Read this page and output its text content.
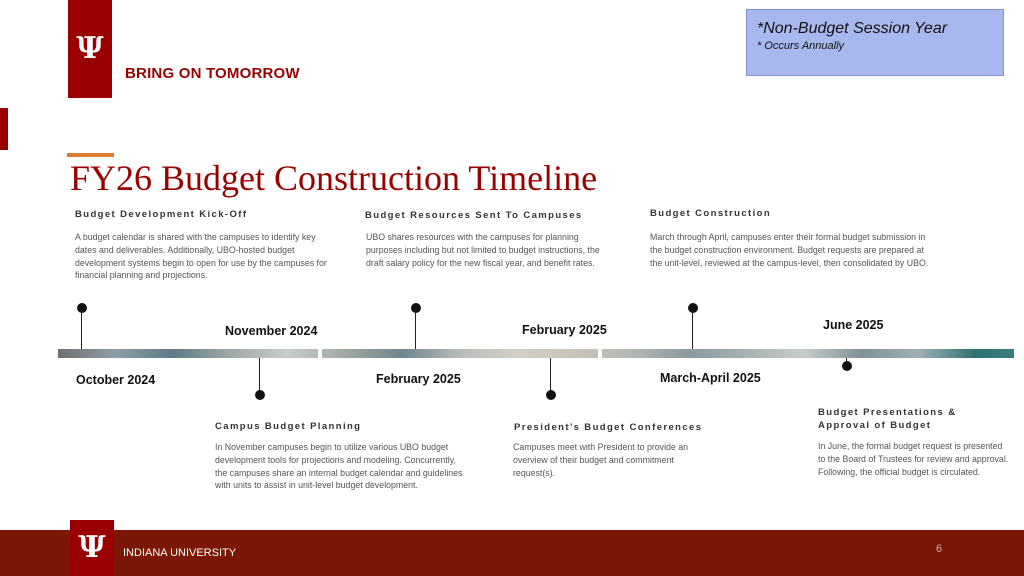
Ψ
BRING ON TOMORROW
*Non-Budget Session Year
* Occurs Annually
FY26 Budget Construction Timeline
Budget Development Kick-Off
A budget calendar is shared with the campuses to identify key dates and deliverables. Additionally, UBO-hosted budget development systems begin to open for use by the campuses for financial planning and projections.
Budget Resources Sent To Campuses
UBO shares resources with the campuses for planning purposes including but not limited to budget instructions, the draft salary policy for the new fiscal year, and benefit rates.
Budget Construction
March through April, campuses enter their formal budget submission in the budget construction environment. Budget requests are prepared at the unit-level, reviewed at the campus-level, then consolidated by UBO.
November 2024	February 2025	June 2025
October 2024	February 2025	March-April 2025
Campus Budget Planning
In November campuses begin to utilize various UBO budget development tools for projections and modeling. Concurrently, the campuses share an internal budget calendar and guidelines with units to assist in unit-level budget development.
President’s Budget Conferences
Campuses meet with President to provide an overview of their budget and commitment request(s).
Budget Presentations &
Approval of Budget
In June, the formal budget request is presented to the Board of Trustees for review and approval. Following, the official budget is circulated.
Ψ INDIANA UNIVERSITY	6
